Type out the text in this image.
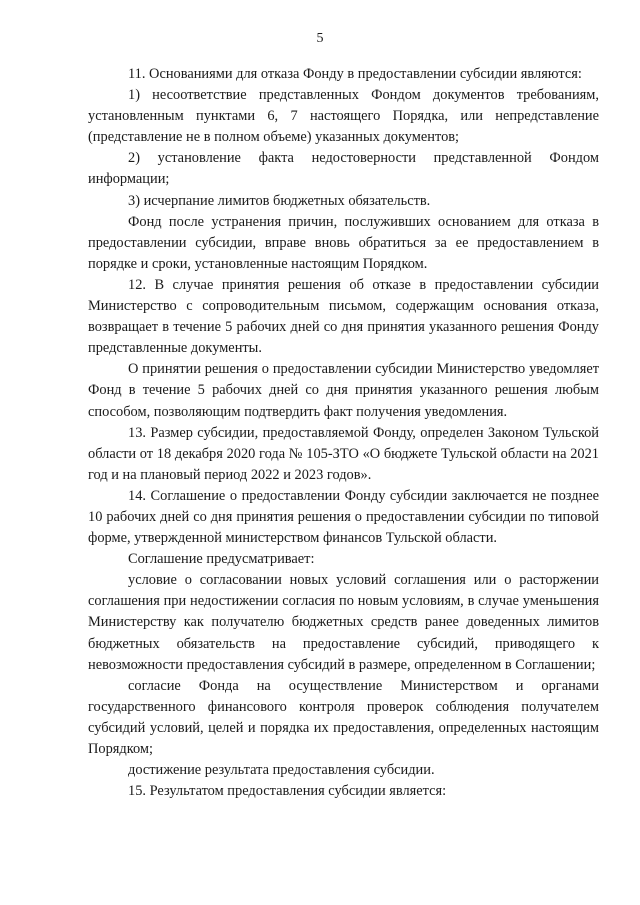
5

11. Основаниями для отказа Фонду в предоставлении субсидии являются:

1) несоответствие представленных Фондом документов требованиям, установленным пунктами 6, 7 настоящего Порядка, или непредставление (представление не в полном объеме) указанных документов;

2) установление факта недостоверности представленной Фондом информации;

3) исчерпание лимитов бюджетных обязательств.

Фонд после устранения причин, послуживших основанием для отказа в предоставлении субсидии, вправе вновь обратиться за ее предоставлением в порядке и сроки, установленные настоящим Порядком.

12. В случае принятия решения об отказе в предоставлении субсидии Министерство с сопроводительным письмом, содержащим основания отказа, возвращает в течение 5 рабочих дней со дня принятия указанного решения Фонду представленные документы.

О принятии решения о предоставлении субсидии Министерство уведомляет Фонд в течение 5 рабочих дней со дня принятия указанного решения любым способом, позволяющим подтвердить факт получения уведомления.

13. Размер субсидии, предоставляемой Фонду, определен Законом Тульской области от 18 декабря 2020 года № 105-ЗТО «О бюджете Тульской области на 2021 год и на плановый период 2022 и 2023 годов».

14. Соглашение о предоставлении Фонду субсидии заключается не позднее 10 рабочих дней со дня принятия решения о предоставлении субсидии по типовой форме, утвержденной министерством финансов Тульской области.

Соглашение предусматривает:

условие о согласовании новых условий соглашения или о расторжении соглашения при недостижении согласия по новым условиям, в случае уменьшения Министерству как получателю бюджетных средств ранее доведенных лимитов бюджетных обязательств на предоставление субсидий, приводящего к невозможности предоставления субсидий в размере, определенном в Соглашении;

согласие Фонда на осуществление Министерством и органами государственного финансового контроля проверок соблюдения получателем субсидий условий, целей и порядка их предоставления, определенных настоящим Порядком;

достижение результата предоставления субсидии.

15. Результатом предоставления субсидии является:
